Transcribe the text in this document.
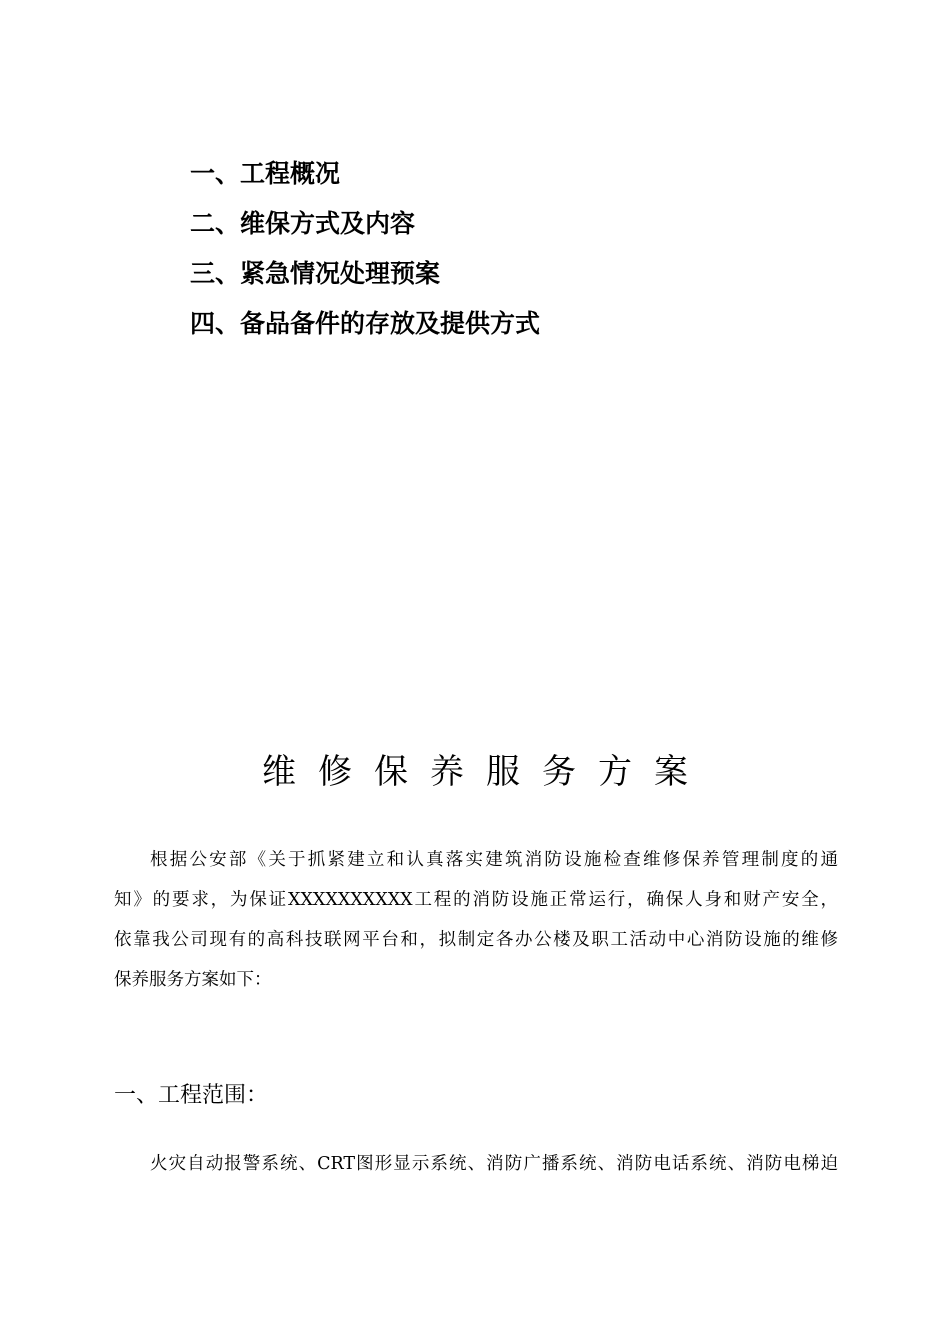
一、工程概况
二、维保方式及内容
三、紧急情况处理预案
四、备品备件的存放及提供方式
维修保养服务方案
根据公安部《关于抓紧建立和认真落实建筑消防设施检查维修保养管理制度的通
知》的要求，为保证XXXXXXXXXX工程的消防设施正常运行，确保人身和财产安全，
依靠我公司现有的高科技联网平台和，拟制定各办公楼及职工活动中心消防设施的维修
保养服务方案如下：
一、工程范围：
火灾自动报警系统、CRT图形显示系统、消防广播系统、消防电话系统、消防电梯迫
